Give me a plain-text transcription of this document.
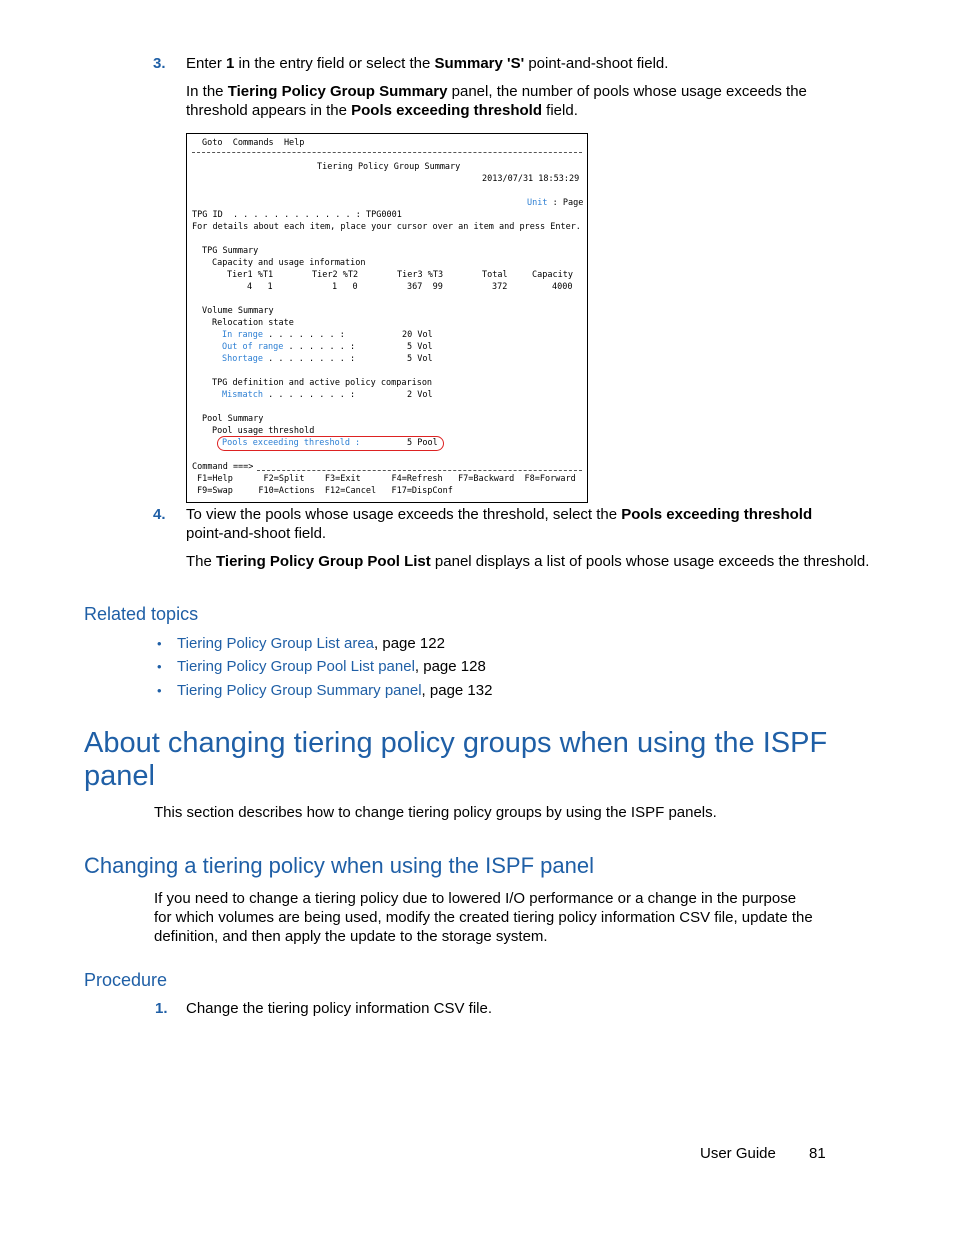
3. Enter 1 in the entry field or select the Summary 'S' point-and-shoot field.
In the Tiering Policy Group Summary panel, the number of pools whose usage exceeds the
threshold appears in the Pools exceeding threshold field.
Goto Commands Help
Tiering Policy Group Summary
2013/07/31 18:53:29
Unit : Page
TPG ID  . . . . . . . . . . . . : TPG0001
For details about each item, place your cursor over an item and press Enter.
TPG Summary
Capacity and usage information
Tier1 %T1	Tier2 %T2	Tier3 %T3	Total	Capacity
4   1	1   0	367  99	372	4000
Volume Summary
Relocation state
In range . . . . . . . :	20 Vol
Out of range . . . . . . :	5 Vol
Shortage . . . . . . . . :	5 Vol
TPG definition and active policy comparison
Mismatch . . . . . . . . :	2 Vol
Pool Summary
Pool usage threshold
Pools exceeding threshold :	5 Pool
Command ===>
F1=Help      F2=Split    F3=Exit      F4=Refresh   F7=Backward  F8=Forward
F9=Swap     F10=Actions  F12=Cancel   F17=DispConf
4. To view the pools whose usage exceeds the threshold, select the Pools exceeding threshold
point-and-shoot field.
The Tiering Policy Group Pool List panel displays a list of pools whose usage exceeds the threshold.
Related topics
• Tiering Policy Group List area, page 122
• Tiering Policy Group Pool List panel, page 128
• Tiering Policy Group Summary panel, page 132
About changing tiering policy groups when using the ISPF
panel
This section describes how to change tiering policy groups by using the ISPF panels.
Changing a tiering policy when using the ISPF panel
If you need to change a tiering policy due to lowered I/O performance or a change in the purpose
for which volumes are being used, modify the created tiering policy information CSV file, update the
definition, and then apply the update to the storage system.
Procedure
1. Change the tiering policy information CSV file.
User Guide 81
